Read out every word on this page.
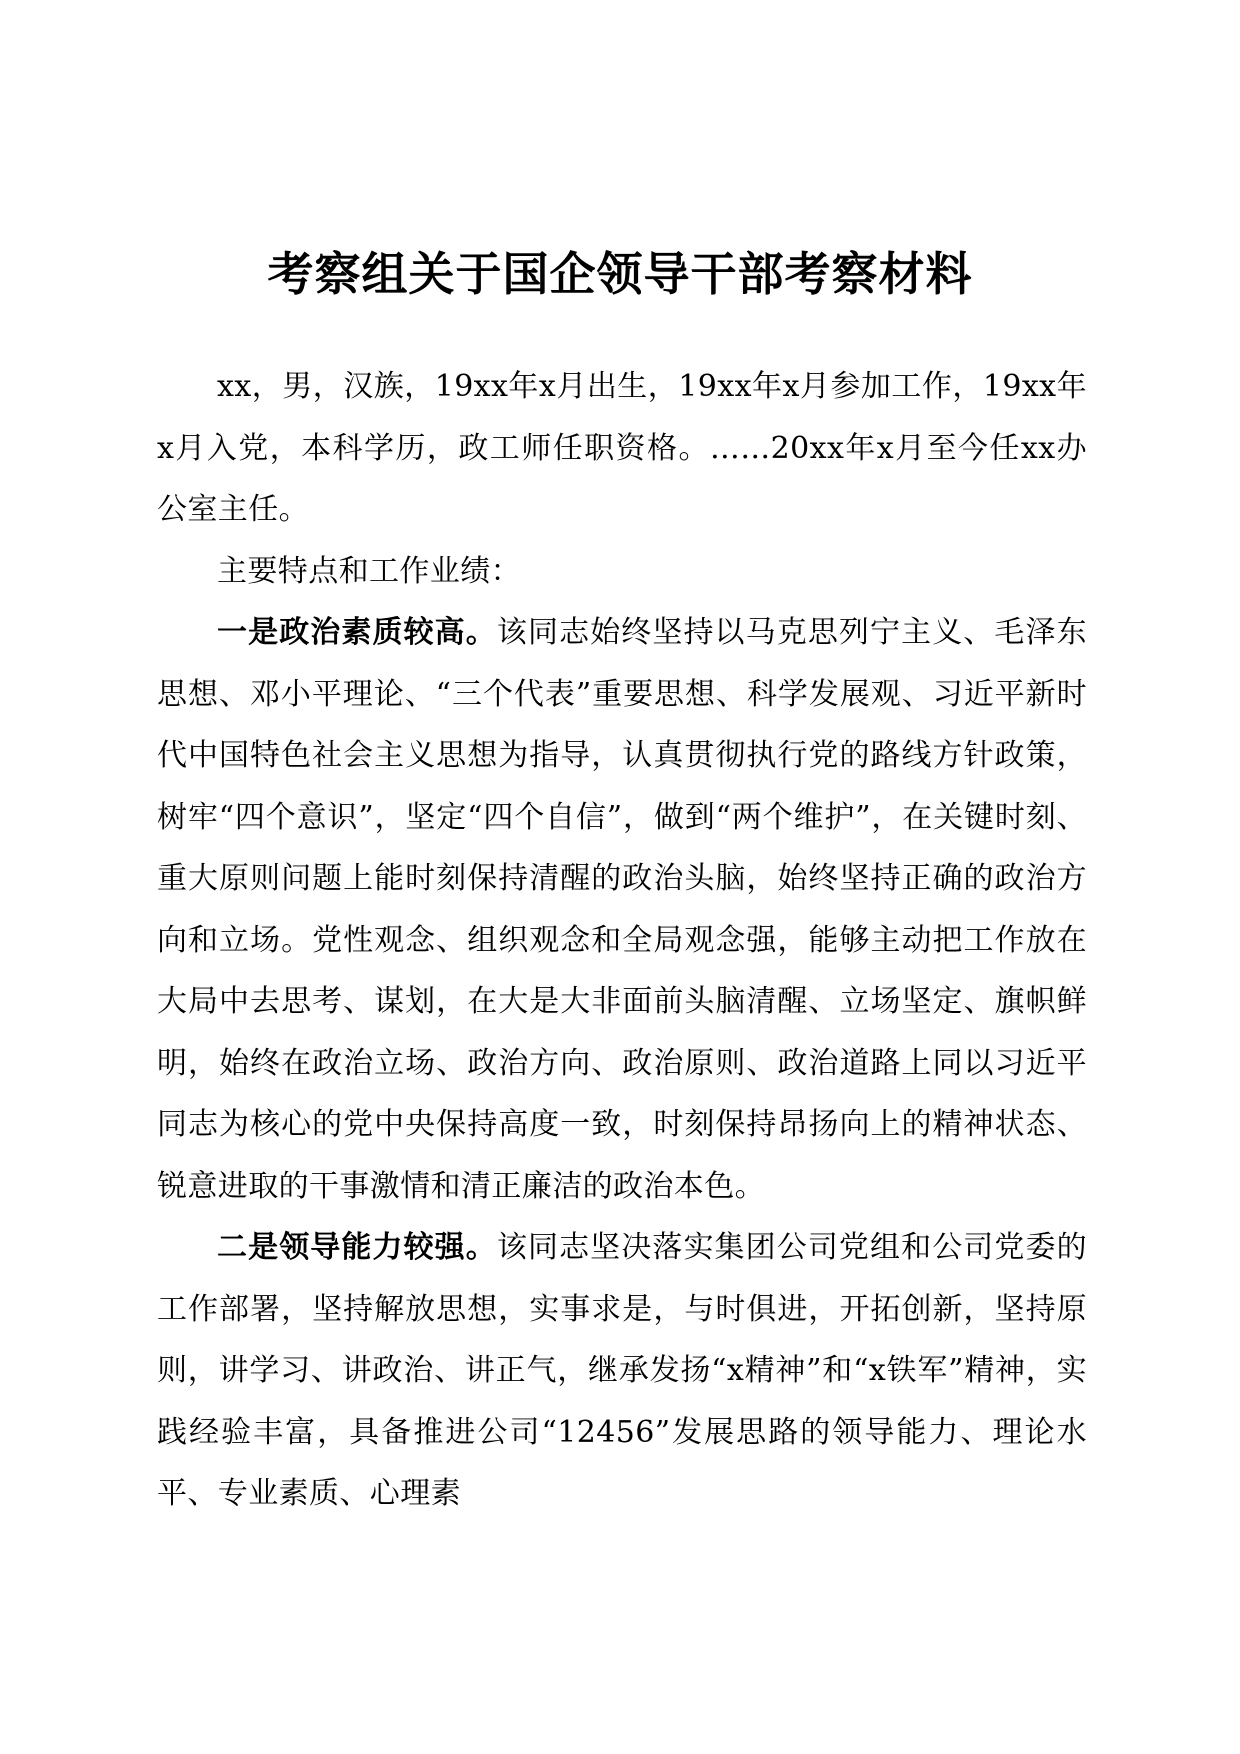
考察组关于国企领导干部考察材料

xx，男，汉族，19xx年x月出生，19xx年x月参加工作，19xx年x月入党，本科学历，政工师任职资格。……20xx年x月至今任xx办公室主任。

主要特点和工作业绩：

一是政治素质较高。该同志始终坚持以马克思列宁主义、毛泽东思想、邓小平理论、“三个代表”重要思想、科学发展观、习近平新时代中国特色社会主义思想为指导，认真贯彻执行党的路线方针政策，树牢“四个意识”，坚定“四个自信”，做到“两个维护”，在关键时刻、重大原则问题上能时刻保持清醒的政治头脑，始终坚持正确的政治方向和立场。党性观念、组织观念和全局观念强，能够主动把工作放在大局中去思考、谋划，在大是大非面前头脑清醒、立场坚定、旗帜鲜明，始终在政治立场、政治方向、政治原则、政治道路上同以习近平同志为核心的党中央保持高度一致，时刻保持昂扬向上的精神状态、锐意进取的干事激情和清正廉洁的政治本色。

二是领导能力较强。该同志坚决落实集团公司党组和公司党委的工作部署，坚持解放思想，实事求是，与时俱进，开拓创新，坚持原则，讲学习、讲政治、讲正气，继承发扬“x精神”和“x铁军”精神，实践经验丰富，具备推进公司“12456”发展思路的领导能力、理论水平、专业素质、心理素
